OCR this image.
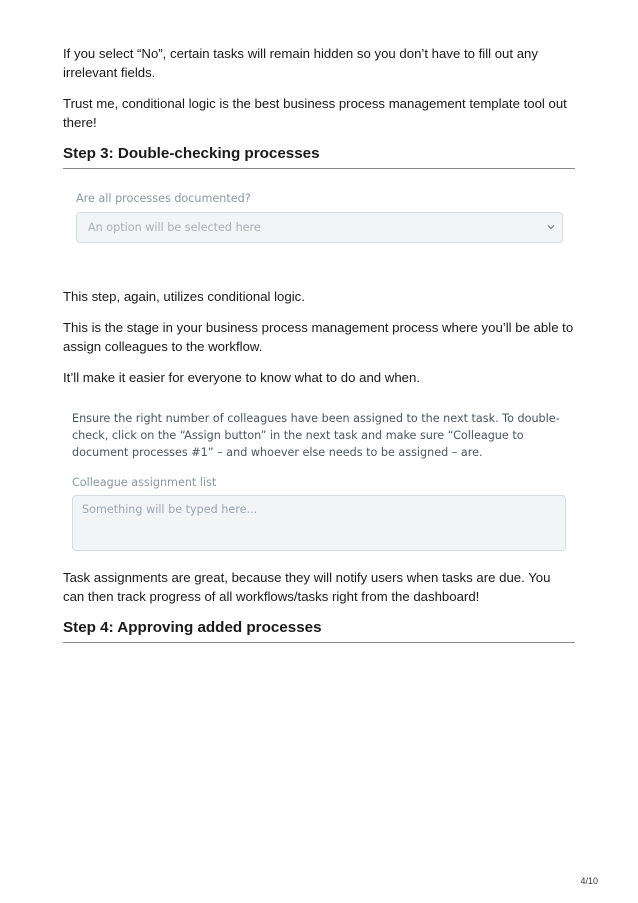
If you select “No”, certain tasks will remain hidden so you don’t have to fill out any irrelevant fields.

Trust me, conditional logic is the best business process management template tool out there!

Step 3: Double-checking processes
Are all processes documented?
An option will be selected here

This step, again, utilizes conditional logic.

This is the stage in your business process management process where you’ll be able to assign colleagues to the workflow.

It’ll make it easier for everyone to know what to do and when.

Ensure the right number of colleagues have been assigned to the next task. To double-check, click on the “Assign button” in the next task and make sure “Colleague to document processes #1” – and whoever else needs to be assigned – are.

Colleague assignment list
Something will be typed here...

Task assignments are great, because they will notify users when tasks are due. You can then track progress of all workflows/tasks right from the dashboard!

Step 4: Approving added processes
4/10
